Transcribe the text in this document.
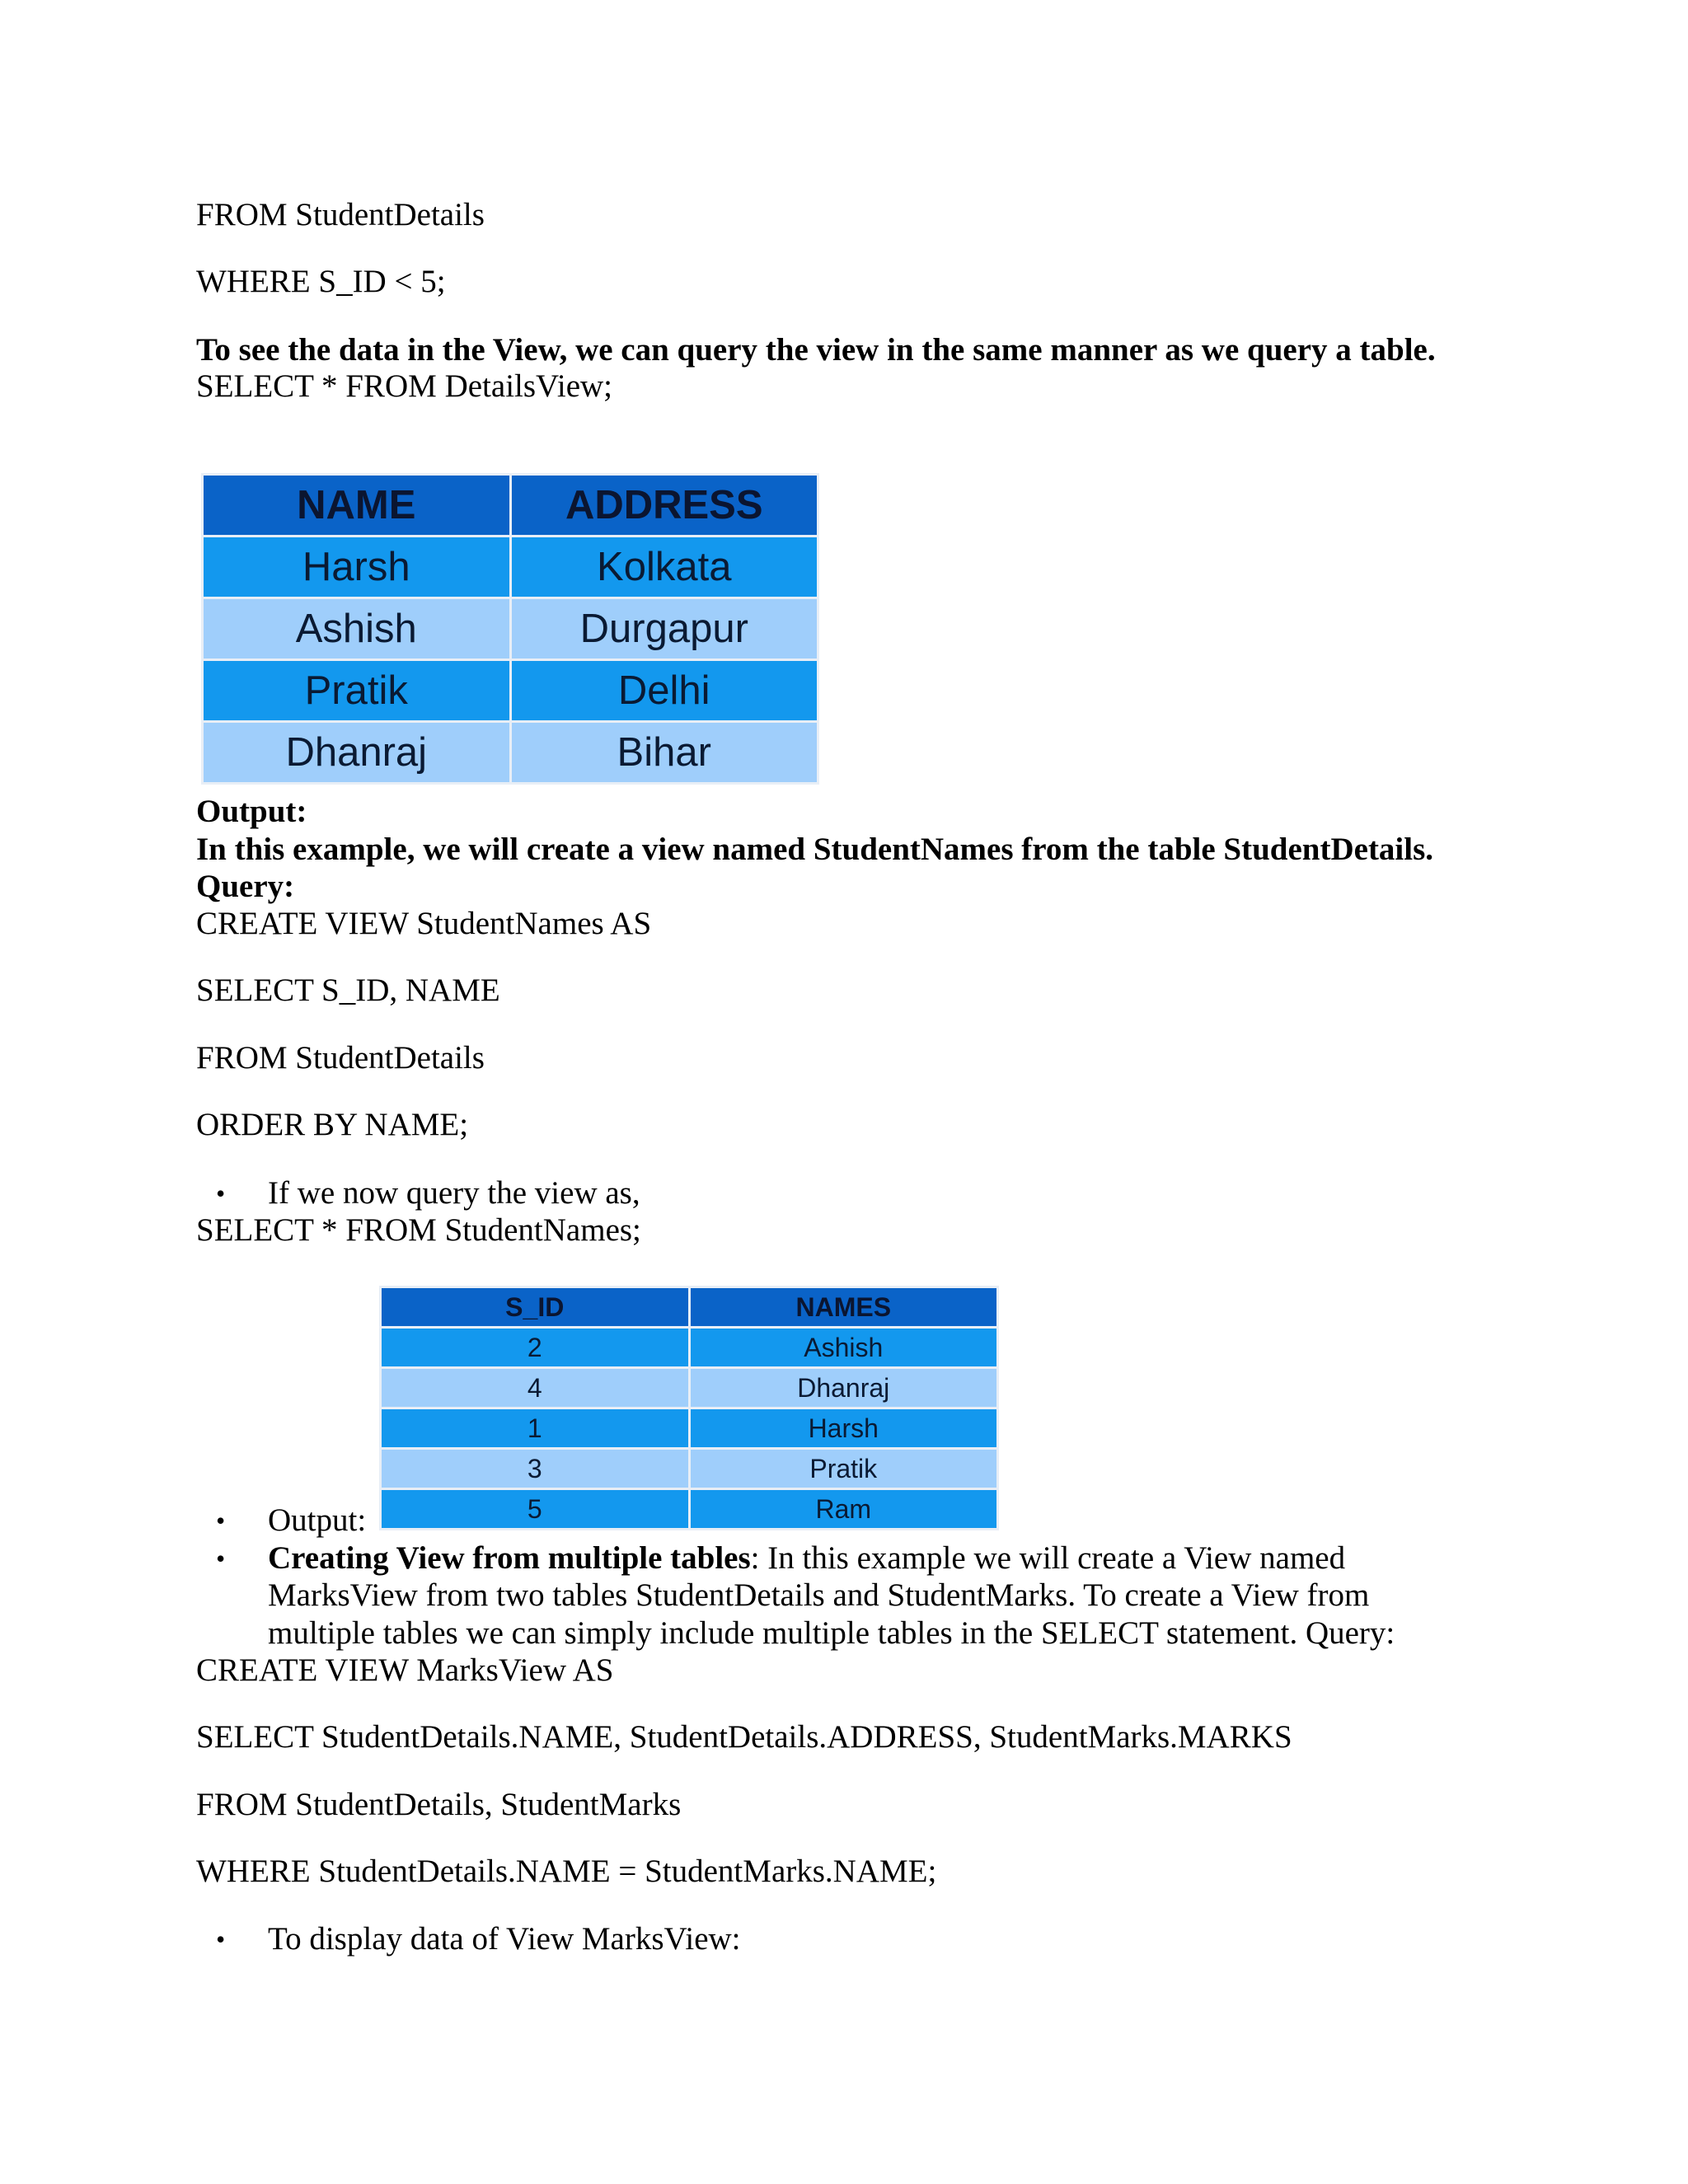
FROM StudentDetails
WHERE S_ID < 5;
To see the data in the View, we can query the view in the same manner as we query a table.
SELECT * FROM DetailsView;
NAME	ADDRESS
Harsh	Kolkata
Ashish	Durgapur
Pratik	Delhi
Dhanraj	Bihar
Output:
In this example, we will create a view named StudentNames from the table StudentDetails.
Query:
CREATE VIEW StudentNames AS
SELECT S_ID, NAME
FROM StudentDetails
ORDER BY NAME;
• If we now query the view as,
SELECT * FROM StudentNames;
S_ID	NAMES
2	Ashish
4	Dhanraj
1	Harsh
3	Pratik
5	Ram
• Output:
• Creating View from multiple tables: In this example we will create a View named
MarksView from two tables StudentDetails and StudentMarks. To create a View from
multiple tables we can simply include multiple tables in the SELECT statement. Query:
CREATE VIEW MarksView AS
SELECT StudentDetails.NAME, StudentDetails.ADDRESS, StudentMarks.MARKS
FROM StudentDetails, StudentMarks
WHERE StudentDetails.NAME = StudentMarks.NAME;
• To display data of View MarksView:
